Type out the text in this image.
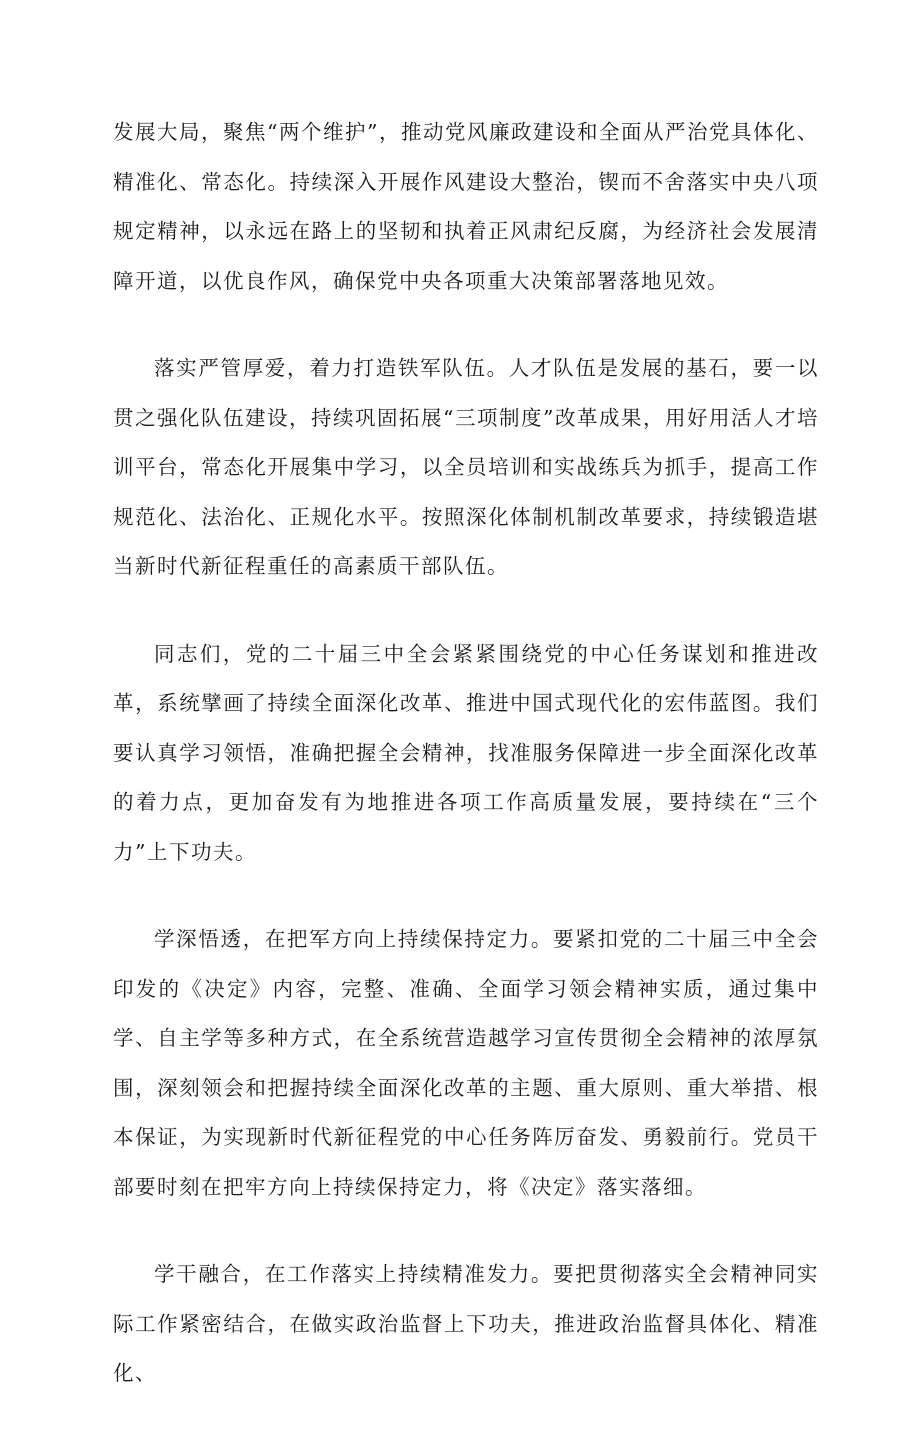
发展大局，聚焦“两个维护”，推动党风廉政建设和全面从严治党具体化、精准化、常态化。持续深入开展作风建设大整治，锲而不舍落实中央八项规定精神，以永远在路上的坚韧和执着正风肃纪反腐，为经济社会发展清障开道，以优良作风，确保党中央各项重大决策部署落地见效。

落实严管厚爱，着力打造铁军队伍。人才队伍是发展的基石，要一以贯之强化队伍建设，持续巩固拓展“三项制度”改革成果，用好用活人才培训平台，常态化开展集中学习，以全员培训和实战练兵为抓手，提高工作规范化、法治化、正规化水平。按照深化体制机制改革要求，持续锻造堪当新时代新征程重任的高素质干部队伍。

同志们，党的二十届三中全会紧紧围绕党的中心任务谋划和推进改革，系统擘画了持续全面深化改革、推进中国式现代化的宏伟蓝图。我们要认真学习领悟，准确把握全会精神，找准服务保障进一步全面深化改革的着力点，更加奋发有为地推进各项工作高质量发展，要持续在“三个力”上下功夫。

学深悟透，在把军方向上持续保持定力。要紧扣党的二十届三中全会印发的《决定》内容，完整、准确、全面学习领会精神实质，通过集中学、自主学等多种方式，在全系统营造越学习宣传贯彻全会精神的浓厚氛围，深刻领会和把握持续全面深化改革的主题、重大原则、重大举措、根本保证，为实现新时代新征程党的中心任务阵厉奋发、勇毅前行。党员干部要时刻在把牢方向上持续保持定力，将《决定》落实落细。

学干融合，在工作落实上持续精准发力。要把贯彻落实全会精神同实际工作紧密结合，在做实政治监督上下功夫，推进政治监督具体化、精准化、
